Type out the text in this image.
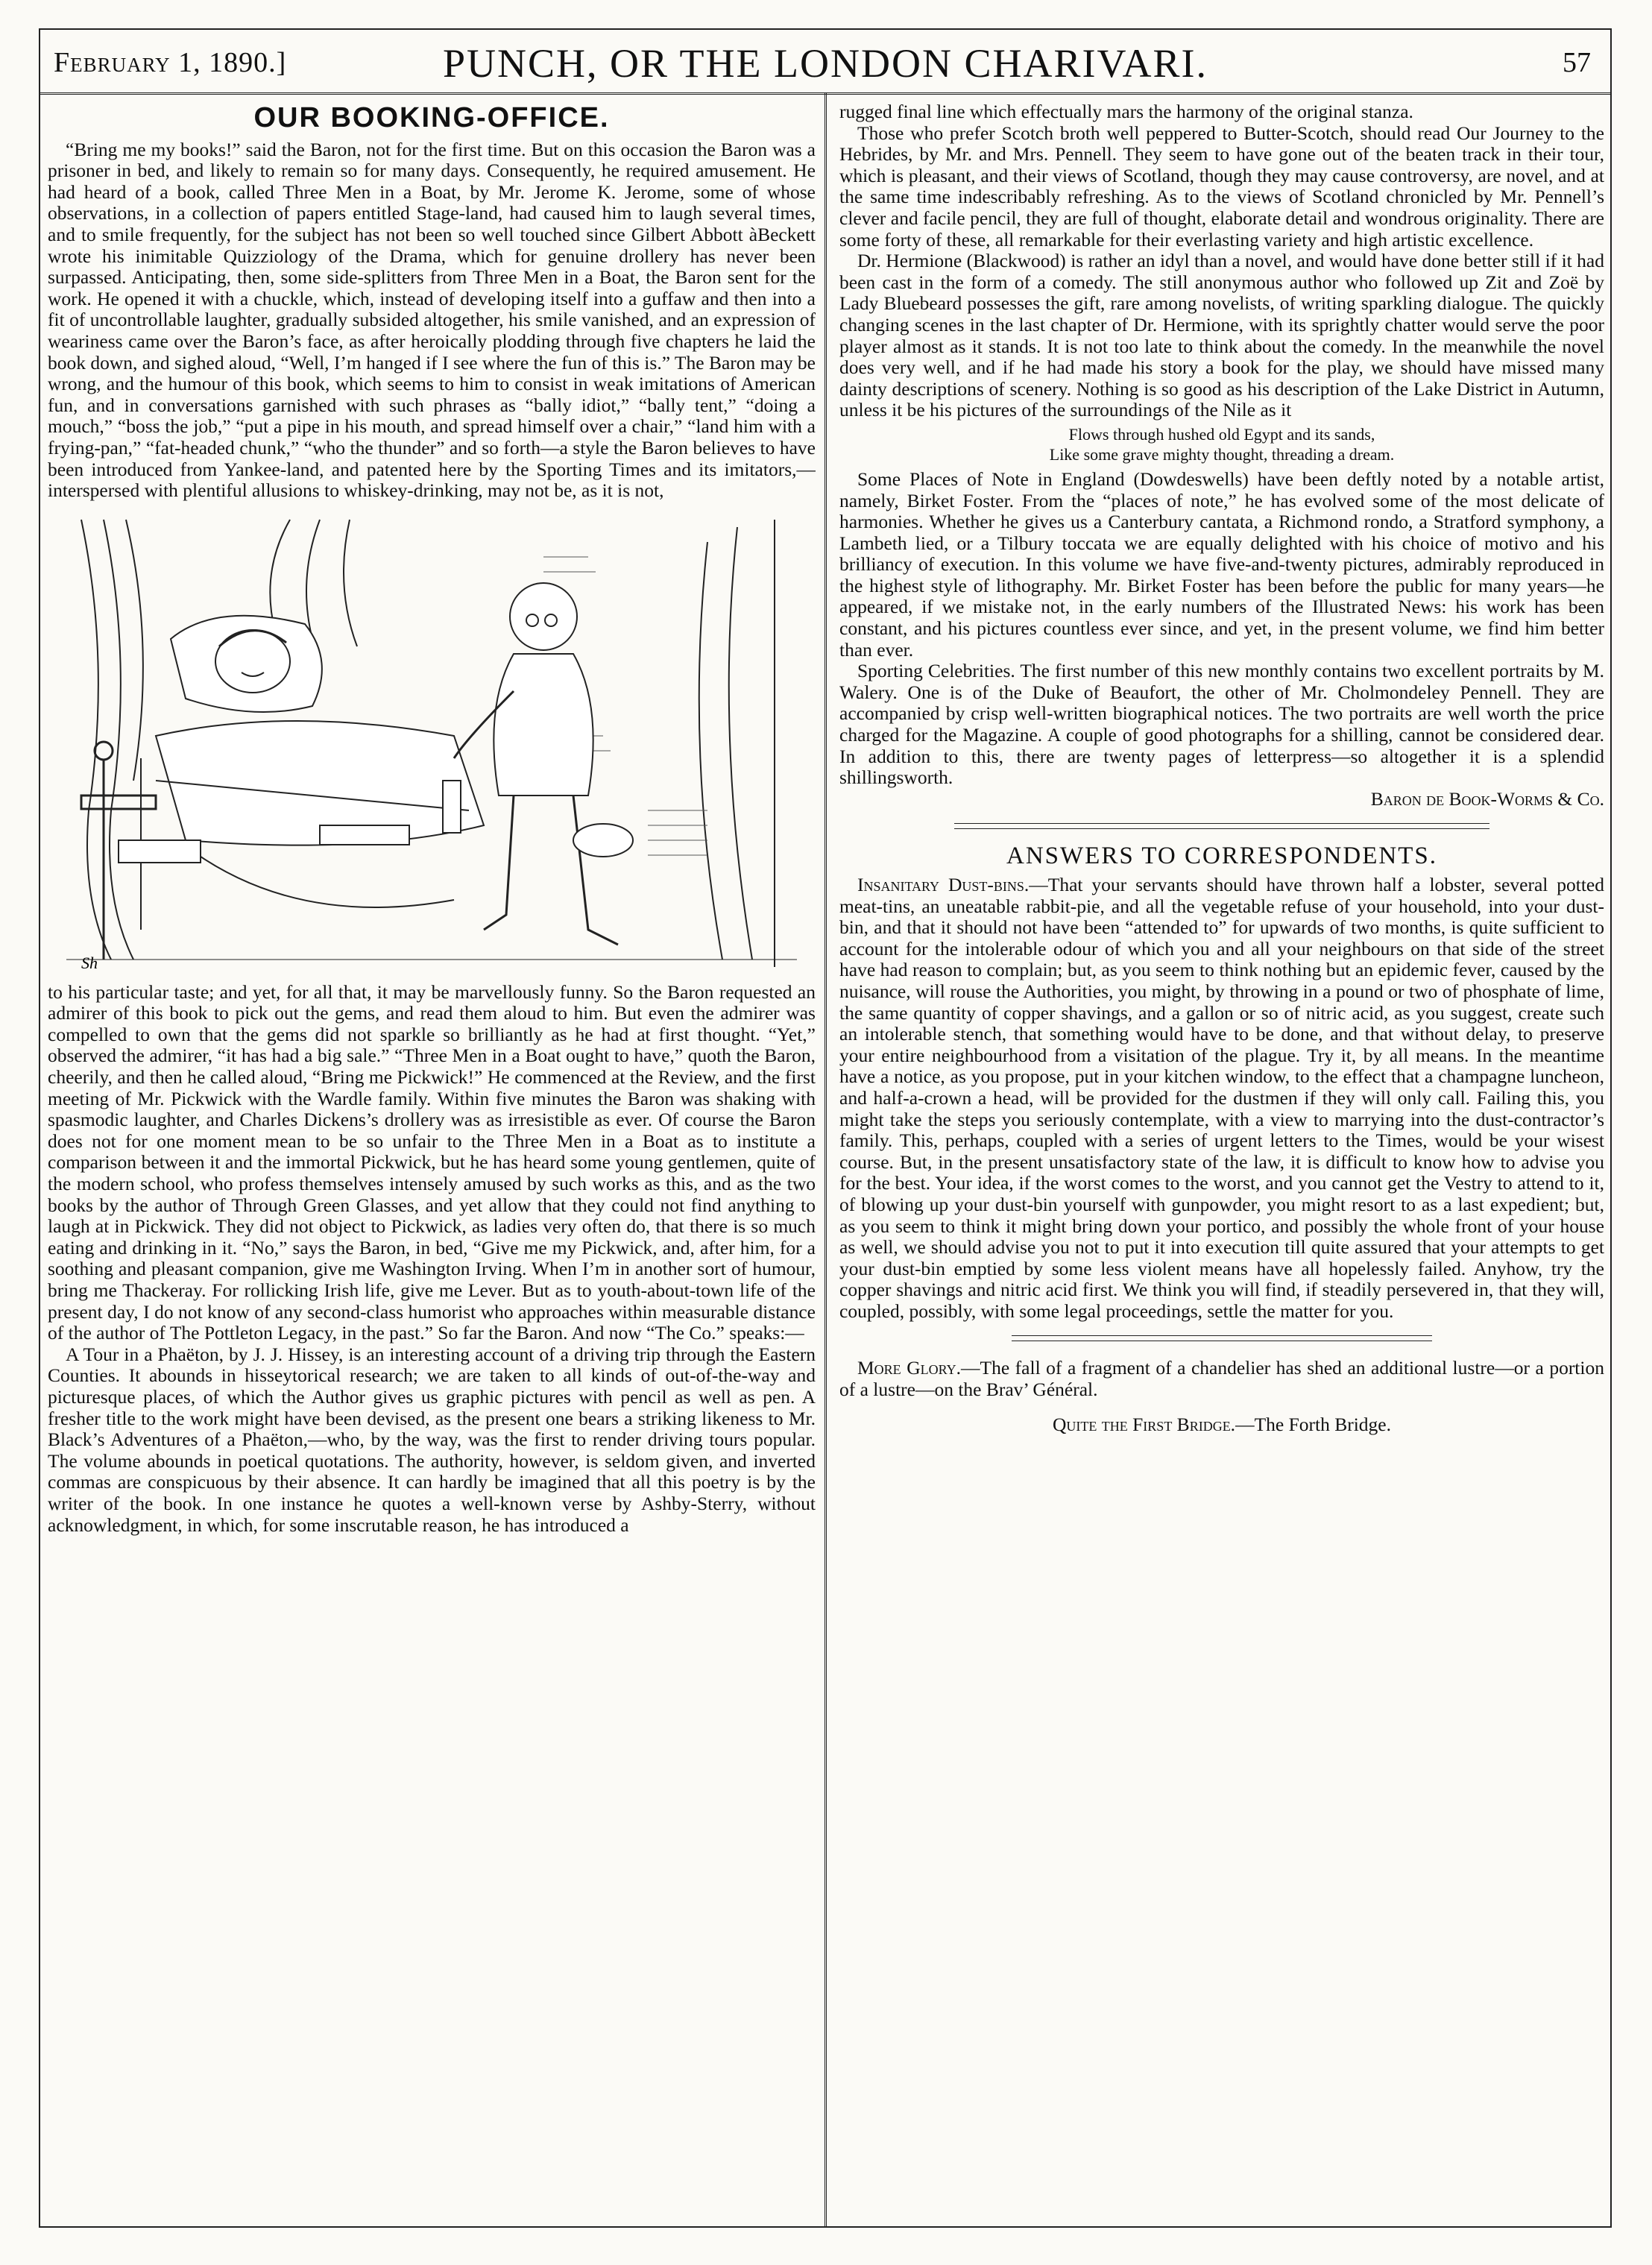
February 1, 1890.]	PUNCH, OR THE LONDON CHARIVARI.	57
OUR BOOKING-OFFICE.

“Bring me my books!” said the Baron, not for the first time. But on this occasion the Baron was a prisoner in bed, and likely to remain so for many days. Consequently, he required amusement. He had heard of a book, called Three Men in a Boat, by Mr. Jerome K. Jerome, some of whose observations, in a collection of papers entitled Stage-land, had caused him to laugh several times, and to smile frequently, for the subject has not been so well touched since Gilbert Abbott àBeckett wrote his inimitable Quizziology of the Drama, which for genuine drollery has never been surpassed. Anticipating, then, some side-splitters from Three Men in a Boat, the Baron sent for the work. He opened it with a chuckle, which, instead of developing itself into a guffaw and then into a fit of uncontrollable laughter, gradually subsided altogether, his smile vanished, and an expression of weariness came over the Baron’s face, as after heroically plodding through five chapters he laid the book down, and sighed aloud, “Well, I’m hanged if I see where the fun of this is.” The Baron may be wrong, and the humour of this book, which seems to him to consist in weak imitations of American fun, and in conversations garnished with such phrases as “bally idiot,” “bally tent,” “doing a mouch,” “boss the job,” “put a pipe in his mouth, and spread himself over a chair,” “land him with a frying-pan,” “fat-headed chunk,” “who the thunder” and so forth—a style the Baron believes to have been introduced from Yankee-land, and patented here by the Sporting Times and its imitators,—interspersed with plentiful allusions to whiskey-drinking, may not be, as it is not,

Sh

to his particular taste; and yet, for all that, it may be marvellously funny. So the Baron requested an admirer of this book to pick out the gems, and read them aloud to him. But even the admirer was compelled to own that the gems did not sparkle so brilliantly as he had at first thought. “Yet,” observed the admirer, “it has had a big sale.” “Three Men in a Boat ought to have,” quoth the Baron, cheerily, and then he called aloud, “Bring me Pickwick!” He commenced at the Review, and the first meeting of Mr. Pickwick with the Wardle family. Within five minutes the Baron was shaking with spasmodic laughter, and Charles Dickens’s drollery was as irresistible as ever. Of course the Baron does not for one moment mean to be so unfair to the Three Men in a Boat as to institute a comparison between it and the immortal Pickwick, but he has heard some young gentlemen, quite of the modern school, who profess themselves intensely amused by such works as this, and as the two books by the author of Through Green Glasses, and yet allow that they could not find anything to laugh at in Pickwick. They did not object to Pickwick, as ladies very often do, that there is so much eating and drinking in it. “No,” says the Baron, in bed, “Give me my Pickwick, and, after him, for a soothing and pleasant companion, give me Washington Irving. When I’m in another sort of humour, bring me Thackeray. For rollicking Irish life, give me Lever. But as to youth-about-town life of the present day, I do not know of any second-class humorist who approaches within measurable distance of the author of The Pottleton Legacy, in the past.” So far the Baron. And now “The Co.” speaks:—

A Tour in a Phaëton, by J. J. Hissey, is an interesting account of a driving trip through the Eastern Counties. It abounds in hisseytorical research; we are taken to all kinds of out-of-the-way and picturesque places, of which the Author gives us graphic pictures with pencil as well as pen. A fresher title to the work might have been devised, as the present one bears a striking likeness to Mr. Black’s Adventures of a Phaëton,—who, by the way, was the first to render driving tours popular. The volume abounds in poetical quotations. The authority, however, is seldom given, and inverted commas are conspicuous by their absence. It can hardly be imagined that all this poetry is by the writer of the book. In one instance he quotes a well-known verse by Ashby-Sterry, without acknowledgment, in which, for some inscrutable reason, he has introduced a

rugged final line which effectually mars the harmony of the original stanza.

Those who prefer Scotch broth well peppered to Butter-Scotch, should read Our Journey to the Hebrides, by Mr. and Mrs. Pennell. They seem to have gone out of the beaten track in their tour, which is pleasant, and their views of Scotland, though they may cause controversy, are novel, and at the same time indescribably refreshing. As to the views of Scotland chronicled by Mr. Pennell’s clever and facile pencil, they are full of thought, elaborate detail and wondrous originality. There are some forty of these, all remarkable for their everlasting variety and high artistic excellence.

Dr. Hermione (Blackwood) is rather an idyl than a novel, and would have done better still if it had been cast in the form of a comedy. The still anonymous author who followed up Zit and Zoë by Lady Bluebeard possesses the gift, rare among novelists, of writing sparkling dialogue. The quickly changing scenes in the last chapter of Dr. Hermione, with its sprightly chatter would serve the poor player almost as it stands. It is not too late to think about the comedy. In the meanwhile the novel does very well, and if he had made his story a book for the play, we should have missed many dainty descriptions of scenery. Nothing is so good as his description of the Lake District in Autumn, unless it be his pictures of the surroundings of the Nile as it

Flows through hushed old Egypt and its sands,
Like some grave mighty thought, threading a dream.

Some Places of Note in England (Dowdeswells) have been deftly noted by a notable artist, namely, Birket Foster. From the “places of note,” he has evolved some of the most delicate of harmonies. Whether he gives us a Canterbury cantata, a Richmond rondo, a Stratford symphony, a Lambeth lied, or a Tilbury toccata we are equally delighted with his choice of motivo and his brilliancy of execution. In this volume we have five-and-twenty pictures, admirably reproduced in the highest style of lithography. Mr. Birket Foster has been before the public for many years—he appeared, if we mistake not, in the early numbers of the Illustrated News: his work has been constant, and his pictures countless ever since, and yet, in the present volume, we find him better than ever.

Sporting Celebrities. The first number of this new monthly contains two excellent portraits by M. Walery. One is of the Duke of Beaufort, the other of Mr. Cholmondeley Pennell. They are accompanied by crisp well-written biographical notices. The two portraits are well worth the price charged for the Magazine. A couple of good photographs for a shilling, cannot be considered dear. In addition to this, there are twenty pages of letterpress—so altogether it is a splendid shillingsworth.

Baron de Book-Worms & Co.

ANSWERS TO CORRESPONDENTS.

Insanitary Dust-bins.—That your servants should have thrown half a lobster, several potted meat-tins, an uneatable rabbit-pie, and all the vegetable refuse of your household, into your dust-bin, and that it should not have been “attended to” for upwards of two months, is quite sufficient to account for the intolerable odour of which you and all your neighbours on that side of the street have had reason to complain; but, as you seem to think nothing but an epidemic fever, caused by the nuisance, will rouse the Authorities, you might, by throwing in a pound or two of phosphate of lime, the same quantity of copper shavings, and a gallon or so of nitric acid, as you suggest, create such an intolerable stench, that something would have to be done, and that without delay, to preserve your entire neighbourhood from a visitation of the plague. Try it, by all means. In the meantime have a notice, as you propose, put in your kitchen window, to the effect that a champagne luncheon, and half-a-crown a head, will be provided for the dustmen if they will only call. Failing this, you might take the steps you seriously contemplate, with a view to marrying into the dust-contractor’s family. This, perhaps, coupled with a series of urgent letters to the Times, would be your wisest course. But, in the present unsatisfactory state of the law, it is difficult to know how to advise you for the best. Your idea, if the worst comes to the worst, and you cannot get the Vestry to attend to it, of blowing up your dust-bin yourself with gunpowder, you might resort to as a last expedient; but, as you seem to think it might bring down your portico, and possibly the whole front of your house as well, we should advise you not to put it into execution till quite assured that your attempts to get your dust-bin emptied by some less violent means have all hopelessly failed. Anyhow, try the copper shavings and nitric acid first. We think you will find, if steadily persevered in, that they will, coupled, possibly, with some legal proceedings, settle the matter for you.

More Glory.—The fall of a fragment of a chandelier has shed an additional lustre—or a portion of a lustre—on the Brav’ Général.

Quite the First Bridge.—The Forth Bridge.
